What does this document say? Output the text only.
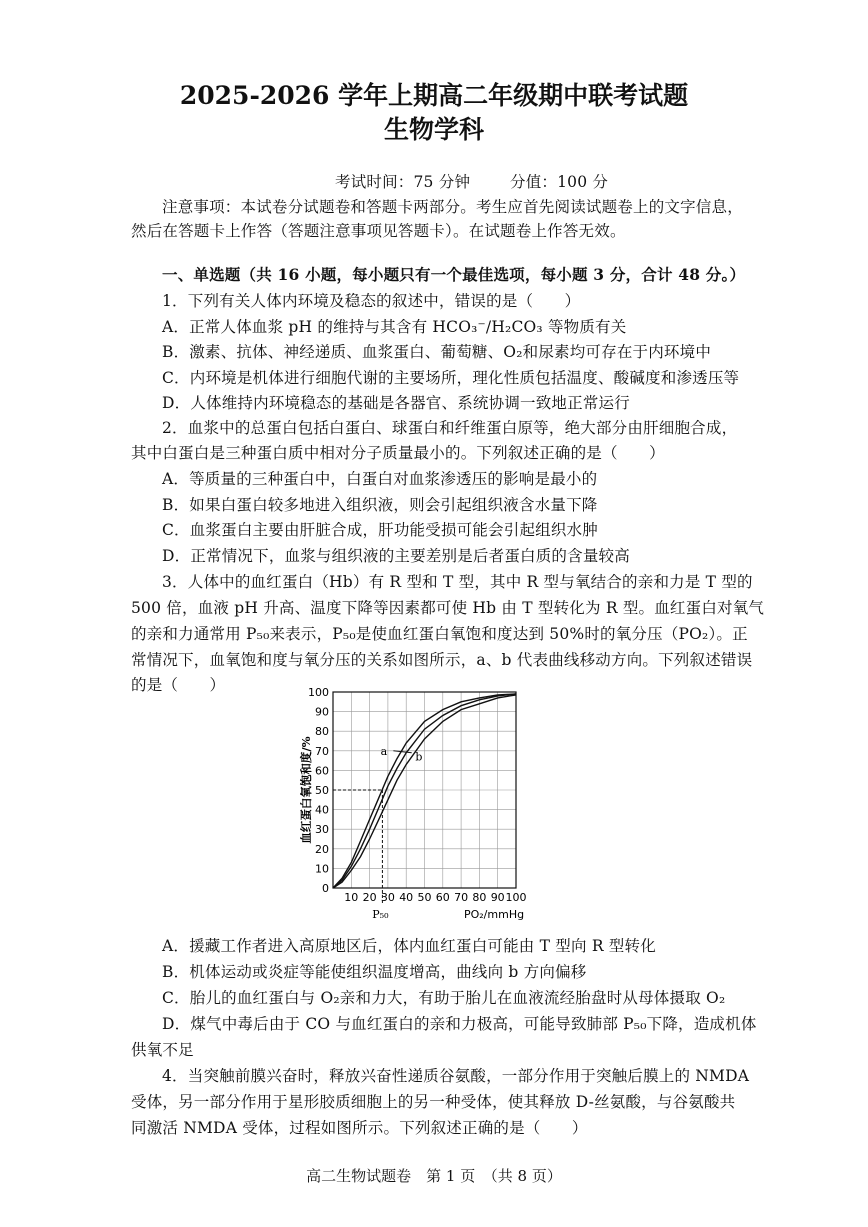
2025-2026 学年上期高二年级期中联考试题
生物学科
考试时间：75 分钟	分值：100 分
注意事项：本试卷分试题卷和答题卡两部分。考生应首先阅读试题卷上的文字信息，
然后在答题卡上作答（答题注意事项见答题卡）。在试题卷上作答无效。
一、单选题（共 16 小题，每小题只有一个最佳选项，每小题 3 分，合计 48 分。）
1．下列有关人体内环境及稳态的叙述中，错误的是（　　）
A．正常人体血浆 pH 的维持与其含有 HCO₃⁻/H₂CO₃ 等物质有关
B．激素、抗体、神经递质、血浆蛋白、葡萄糖、O₂和尿素均可存在于内环境中
C．内环境是机体进行细胞代谢的主要场所，理化性质包括温度、酸碱度和渗透压等
D．人体维持内环境稳态的基础是各器官、系统协调一致地正常运行
2．血浆中的总蛋白包括白蛋白、球蛋白和纤维蛋白原等，绝大部分由肝细胞合成，
其中白蛋白是三种蛋白质中相对分子质量最小的。下列叙述正确的是（　　）
A．等质量的三种蛋白中，白蛋白对血浆渗透压的影响是最小的
B．如果白蛋白较多地进入组织液，则会引起组织液含水量下降
C．血浆蛋白主要由肝脏合成，肝功能受损可能会引起组织水肿
D．正常情况下，血浆与组织液的主要差别是后者蛋白质的含量较高
3．人体中的血红蛋白（Hb）有 R 型和 T 型，其中 R 型与氧结合的亲和力是 T 型的
500 倍，血液 pH 升高、温度下降等因素都可使 Hb 由 T 型转化为 R 型。血红蛋白对氧气
的亲和力通常用 P₅₀来表示，P₅₀是使血红蛋白氧饱和度达到 50%时的氧分压（PO₂）。正
常情况下，血氧饱和度与氧分压的关系如图所示，a、b 代表曲线移动方向。下列叙述错误
的是（　　）
0
10
20
30
40
50
60
70
80
90
100
10 20 30 40 50 60 70 80 90 100
血红蛋白氧饱和度/%
PO₂/mmHg
P₅₀
a	b
A．援藏工作者进入高原地区后，体内血红蛋白可能由 T 型向 R 型转化
B．机体运动或炎症等能使组织温度增高，曲线向 b 方向偏移
C．胎儿的血红蛋白与 O₂亲和力大，有助于胎儿在血液流经胎盘时从母体摄取 O₂
D．煤气中毒后由于 CO 与血红蛋白的亲和力极高，可能导致肺部 P₅₀下降，造成机体
供氧不足
4．当突触前膜兴奋时，释放兴奋性递质谷氨酸，一部分作用于突触后膜上的 NMDA
受体，另一部分作用于星形胶质细胞上的另一种受体，使其释放 D-丝氨酸，与谷氨酸共
同激活 NMDA 受体，过程如图所示。下列叙述正确的是（　　）
高二生物试题卷　第 1 页　（共 8 页）
